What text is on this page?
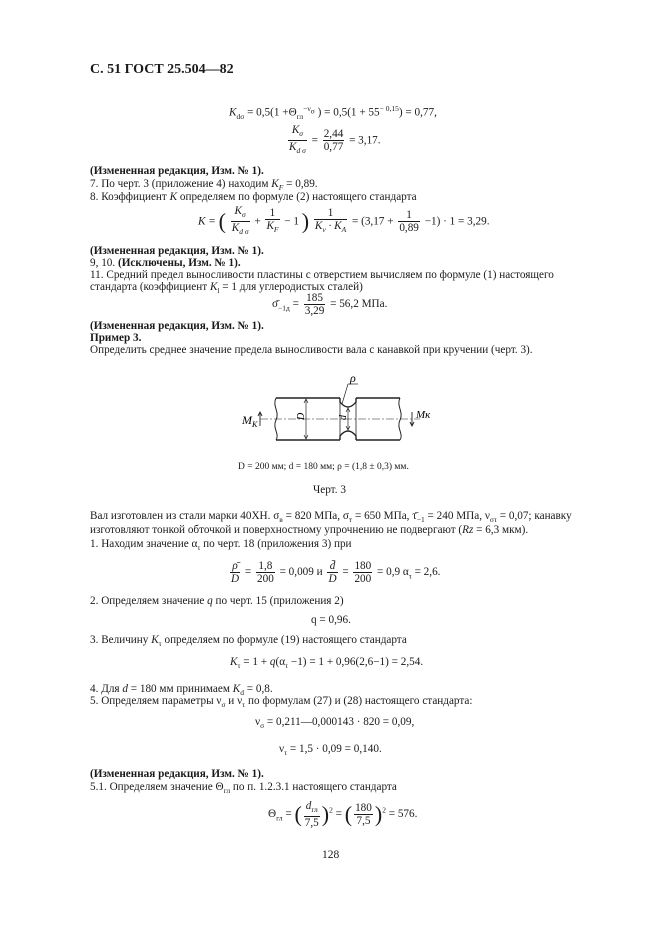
С. 51 ГОСТ 25.504—82
$K_{d\sigma} = 0,5(1 +\Theta_{гл}^{-\nu_\sigma}$ ) = $0,5(1 + 55^{- 0,15}) = 0,77$,
$\frac{K_\sigma}{K_{d \sigma}} = \frac{2,44}{0,77} = 3,17$.
(Измененная редакция, Изм. № 1).
7. По черт. 3 (приложение 4) находим $K_F = 0,89$.
8. Коэффициент K определяем по формуле (2) настоящего стандарта
K = ( $\frac{K_\sigma}{K_{d \sigma}} + \frac{1}{K_F} - 1$ ) $\frac{1}{K_v \cdot K_A} = (3,17 + \frac{1}{0,89} -1) \cdot 1 = 3,29$.
(Измененная редакция, Изм. № 1).
9, 10. (Исключены, Изм. № 1).
11. Средний предел выносливости пластины с отверстием вычисляем по формуле (1) настоящего
стандарта (коэффициент $K_l = 1$ для углеродистых сталей)
$\sigmā_{-1д} = \frac{185}{3,29} = 56,2$ МПа.
(Измененная редакция, Изм. № 1).
Пример 3.
Определить среднее значение предела выносливости вала с канавкой при кручении (черт. 3).
$M_K$
Mк
ρ
D	d
D = 200 мм; d = 180 мм; ρ = (1,8 ± 0,3) мм.
Черт. 3
Вал изготовлен из стали марки 40ХН. $\sigma_в = 820$ МПа, $\sigma_т = 650$ МПа, $\taū_{-1} = 240$ МПа, $\nu_{\sigma\tau} = 0,07$; канавку
изготовляют тонкой обточкой и поверхностному упрочнению не подвергают (Rz = 6,3 мкм).
1. Находим значение $\alpha_\tau$ по черт. 18 (приложения 3) при
$\frac{\rhō}{D} = \frac{1,8}{200} = 0,009$ и $\frac{d̄}{D} = \frac{180}{200} = 0,9$ $\alpha_\tau = 2,6$.
2. Определяем значение q по черт. 15 (приложения 2)
q = 0,96.
3. Величину $K_\tau$ определяем по формуле (19) настоящего стандарта
$K_\tau = 1 + q(\alpha_\tau -1) = 1 + 0,96(2,6-1) = 2,54$.
4. Для d = 180 мм принимаем $K_d = 0,8$.
5. Определяем параметры $\nu_\sigma$ и $\nu_\tau$ по формулам (27) и (28) настоящего стандарта:
$\nu_\sigma$ = 0,211—0,000143 · 820 = 0,09,
$\nu_\tau = 1,5 \cdot 0,09 = 0,140$.
(Измененная редакция, Изм. № 1).
5.1. Определяем значение $\Theta_{гл}$ по п. 1.2.3.1 настоящего стандарта
$\Theta_{гл}$ = ( $\frac{d_{гл}}{7,5} )^2$ = ( $\frac{180}{7,5} )^2 = 576$.
128
